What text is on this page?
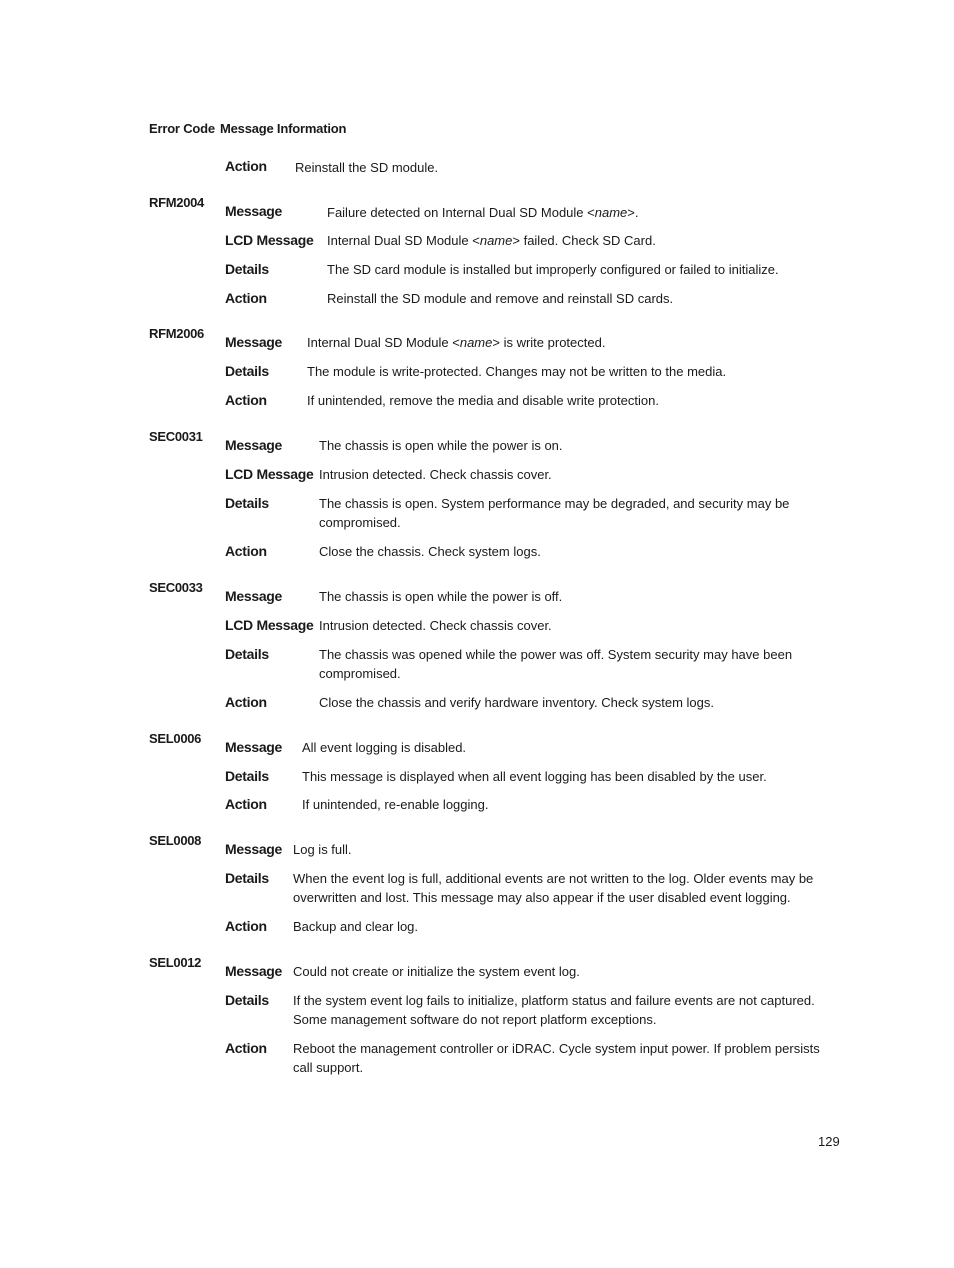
Error Code Message Information
Action Reinstall the SD module.
RFM2004
Message	Failure detected on Internal Dual SD Module <name>.
LCD Message Internal Dual SD Module <name> failed. Check SD Card.
Details	The SD card module is installed but improperly configured or failed to initialize.
Action	Reinstall the SD module and remove and reinstall SD cards.
RFM2006
Message Internal Dual SD Module <name> is write protected.
Details	The module is write-protected. Changes may not be written to the media.
Action	If unintended, remove the media and disable write protection.
SEC0031
Message	The chassis is open while the power is on.
LCD Message Intrusion detected. Check chassis cover.
Details	The chassis is open. System performance may be degraded, and security may be compromised.
Action	Close the chassis. Check system logs.
SEC0033
Message	The chassis is open while the power is off.
LCD Message Intrusion detected. Check chassis cover.
Details	The chassis was opened while the power was off. System security may have been compromised.
Action	Close the chassis and verify hardware inventory. Check system logs.
SEL0006
Message All event logging is disabled.
Details	This message is displayed when all event logging has been disabled by the user.
Action	If unintended, re-enable logging.
SEL0008
Message Log is full.
Details When the event log is full, additional events are not written to the log. Older events may be overwritten and lost. This message may also appear if the user disabled event logging.
Action Backup and clear log.
SEL0012
Message Could not create or initialize the system event log.
Details If the system event log fails to initialize, platform status and failure events are not captured. Some management software do not report platform exceptions.
Action Reboot the management controller or iDRAC. Cycle system input power. If problem persists call support.
129
